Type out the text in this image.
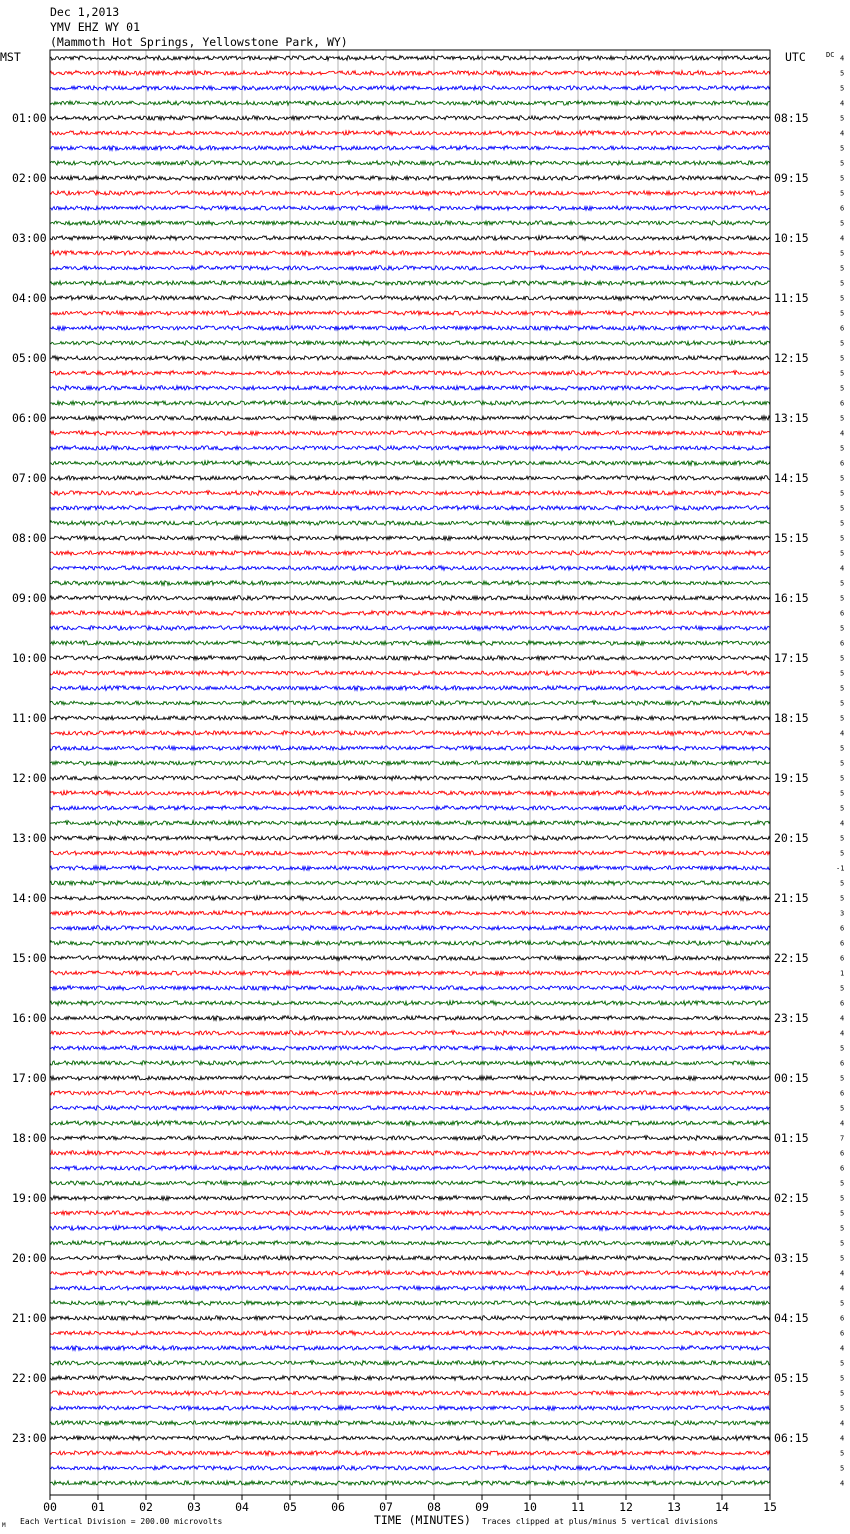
Dec 1,2013
YMV EHZ WY 01
(Mammoth Hot Springs, Yellowstone Park, WY)
MST	UTC	DC
01:00
02:00
03:00
04:00
05:00
06:00
07:00
08:00
09:00
10:00
11:00
12:00
13:00
14:00
15:00
16:00
17:00
18:00
19:00
20:00
21:00
22:00
23:00
08:15
09:15
10:15
11:15
12:15
13:15
14:15
15:15
16:15
17:15
18:15
19:15
20:15
21:15
22:15
23:15
00:15
01:15
02:15
03:15
04:15
05:15
06:15
4
5
5
4
5
4
5
5
5
5
6
5
4
5
5
5
5
5
6
5
5
5
5
6
5
4
5
6
5
5
5
5
5
5
4
5
5
6
5
6
5
5
5
5
5
4
5
5
5
5
5
4
5
5
-1
5
5
3
6
6
6
1
5
6
4
4
5
6
5
6
5
4
7
6
6
5
5
5
5
5
5
4
4
5
6
6
4
5
5
5
5
4
4
5
5
4
00	01	02	03	04	05	06	07	08	09	10	11	12	13	14	15
TIME (MINUTES)
Each Vertical Division = 200.00 microvolts	Traces clipped at plus/minus 5 vertical divisions
M
